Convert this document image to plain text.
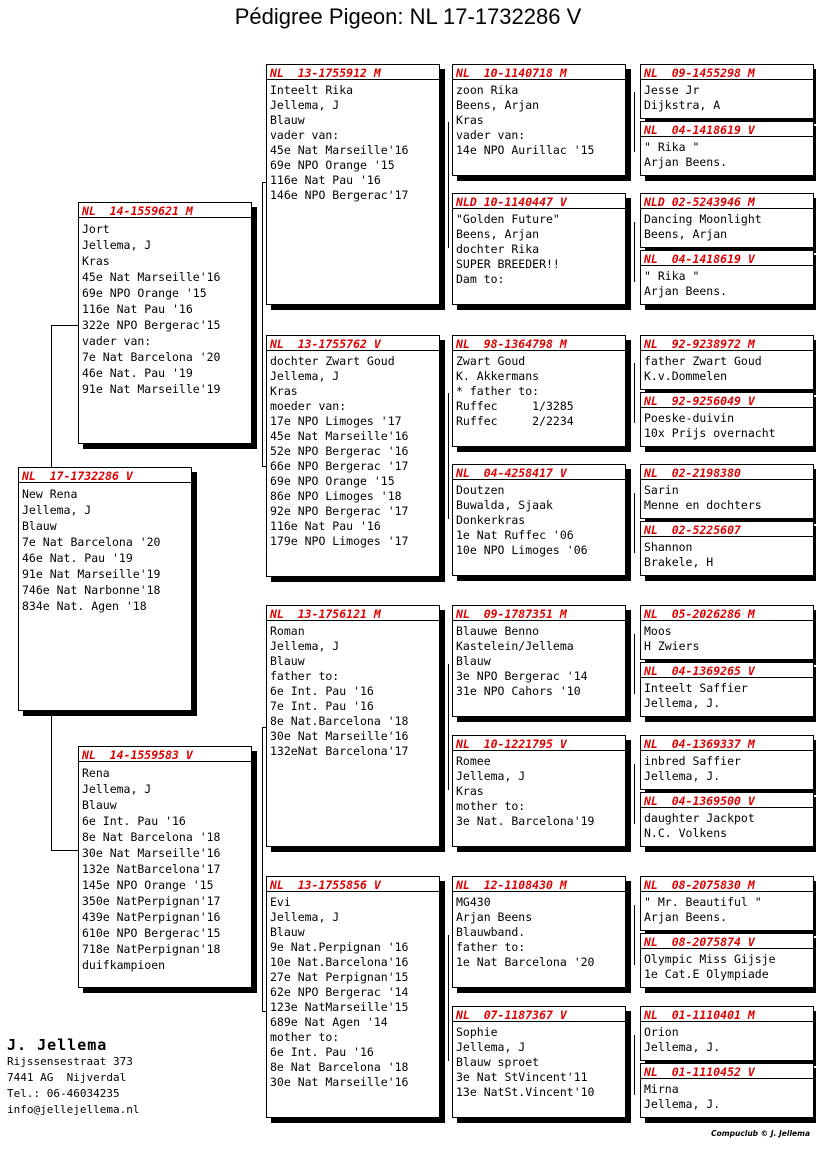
Pédigree Pigeon: NL 17-1732286 V
NL  17-1732286 V
New Rena
Jellema, J
Blauw
7e Nat Barcelona '20
46e Nat. Pau '19
91e Nat Marseille'19
746e Nat Narbonne'18
834e Nat. Agen '18
NL  14-1559621 M
Jort
Jellema, J
Kras
45e Nat Marseille'16
69e NPO Orange '15
116e Nat Pau '16
322e NPO Bergerac'15
vader van:
7e Nat Barcelona '20
46e Nat. Pau '19
91e Nat Marseille'19
NL  14-1559583 V
Rena
Jellema, J
Blauw
6e Int. Pau '16
8e Nat Barcelona '18
30e Nat Marseille'16
132e NatBarcelona'17
145e NPO Orange '15
350e NatPerpignan'17
439e NatPerpignan'16
610e NPO Bergerac'15
718e NatPerpignan'18
duifkampioen
NL  13-1755912 M
Inteelt Rika
Jellema, J
Blauw
vader van:
45e Nat Marseille'16
69e NPO Orange '15
116e Nat Pau '16
146e NPO Bergerac'17
NL  13-1755762 V
dochter Zwart Goud
Jellema, J
Kras
moeder van:
17e NPO Limoges '17
45e Nat Marseille'16
52e NPO Bergerac '16
66e NPO Bergerac '17
69e NPO Orange '15
86e NPO Limoges '18
92e NPO Bergerac '17
116e Nat Pau '16
179e NPO Limoges '17
NL  13-1756121 M
Roman
Jellema, J
Blauw
father to:
6e Int. Pau '16
7e Int. Pau '16
8e Nat.Barcelona '18
30e Nat Marseille'16
132eNat Barcelona'17
NL  13-1755856 V
Evi
Jellema, J
Blauw
9e Nat.Perpignan '16
10e Nat.Barcelona'16
27e Nat Perpignan'15
62e NPO Bergerac '14
123e NatMarseille'15
689e Nat Agen '14
mother to:
6e Int. Pau '16
8e Nat Barcelona '18
30e Nat Marseille'16
NL  10-1140718 M
zoon Rika
Beens, Arjan
Kras
vader van:
14e NPO Aurillac '15
NLD 10-1140447 V
"Golden Future"
Beens, Arjan
dochter Rika
SUPER BREEDER!!
Dam to:
NL  98-1364798 M
Zwart Goud
K. Akkermans
* father to:
Ruffec     1/3285
Ruffec     2/2234
NL  04-4258417 V
Doutzen
Buwalda, Sjaak
Donkerkras
1e Nat Ruffec '06
10e NPO Limoges '06
NL  09-1787351 M
Blauwe Benno
Kastelein/Jellema
Blauw
3e NPO Bergerac '14
31e NPO Cahors '10
NL  10-1221795 V
Romee
Jellema, J
Kras
mother to:
3e Nat. Barcelona'19
NL  12-1108430 M
MG430
Arjan Beens
Blauwband.
father to:
1e Nat Barcelona '20
NL  07-1187367 V
Sophie
Jellema, J
Blauw sproet
3e Nat StVincent'11
13e NatSt.Vincent'10
NL  09-1455298 M
Jesse Jr
Dijkstra, A
NL  04-1418619 V
" Rika "
Arjan Beens.
NLD 02-5243946 M
Dancing Moonlight
Beens, Arjan
NL  04-1418619 V
" Rika "
Arjan Beens.
NL  92-9238972 M
father Zwart Goud
K.v.Dommelen
NL  92-9256049 V
Poeske-duivin
10x Prijs overnacht
NL  02-2198380
Sarin
Menne en dochters
NL  02-5225607
Shannon
Brakele, H
NL  05-2026286 M
Moos
H Zwiers
NL  04-1369265 V
Inteelt Saffier
Jellema, J.
NL  04-1369337 M
inbred Saffier
Jellema, J.
NL  04-1369500 V
daughter Jackpot
N.C. Volkens
NL  08-2075830 M
" Mr. Beautiful "
Arjan Beens.
NL  08-2075874 V
Olympic Miss Gijsje
1e Cat.E Olympiade
NL  01-1110401 M
Orion
Jellema, J.
NL  01-1110452 V
Mirna
Jellema, J.
J. Jellema
Rijssensestraat 373
7441 AG  Nijverdal
Tel.: 06-46034235
info@jellejellema.nl
Compuclub © J. Jellema
